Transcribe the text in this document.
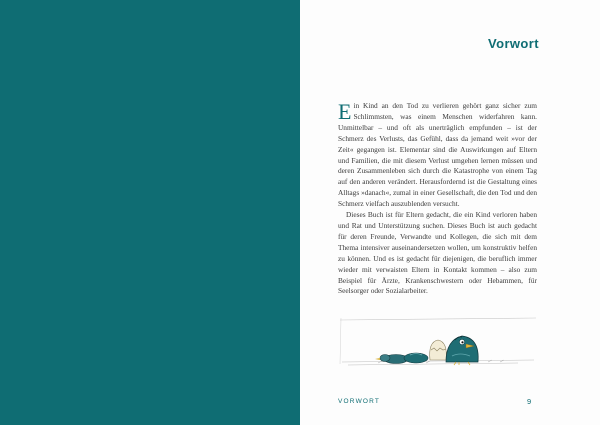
Vorwort

Ein Kind an den Tod zu verlieren gehört ganz sicher zum Schlimmsten, was einem Menschen widerfahren kann. Unmittelbar – und oft als unerträglich empfunden – ist der Schmerz des Verlusts, das Gefühl, dass da jemand weit »vor der Zeit« gegangen ist. Elementar sind die Auswirkungen auf Eltern und Familien, die mit diesem Verlust umgehen lernen müssen und deren Zusammenleben sich durch die Katastrophe von einem Tag auf den anderen verändert. Herausfordernd ist die Gestaltung eines Alltags »danach«, zumal in einer Gesellschaft, die den Tod und den Schmerz vielfach auszublenden versucht.

Dieses Buch ist für Eltern gedacht, die ein Kind verloren haben und Rat und Unterstützung suchen. Dieses Buch ist auch gedacht für deren Freunde, Verwandte und Kollegen, die sich mit dem Thema intensiver auseinandersetzen wollen, um konstruktiv helfen zu können. Und es ist gedacht für diejenigen, die beruflich immer wieder mit verwaisten Eltern in Kontakt kommen – also zum Beispiel für Ärzte, Krankenschwestern oder Hebammen, für Seelsorger oder Sozialarbeiter.

VORWORT	9
